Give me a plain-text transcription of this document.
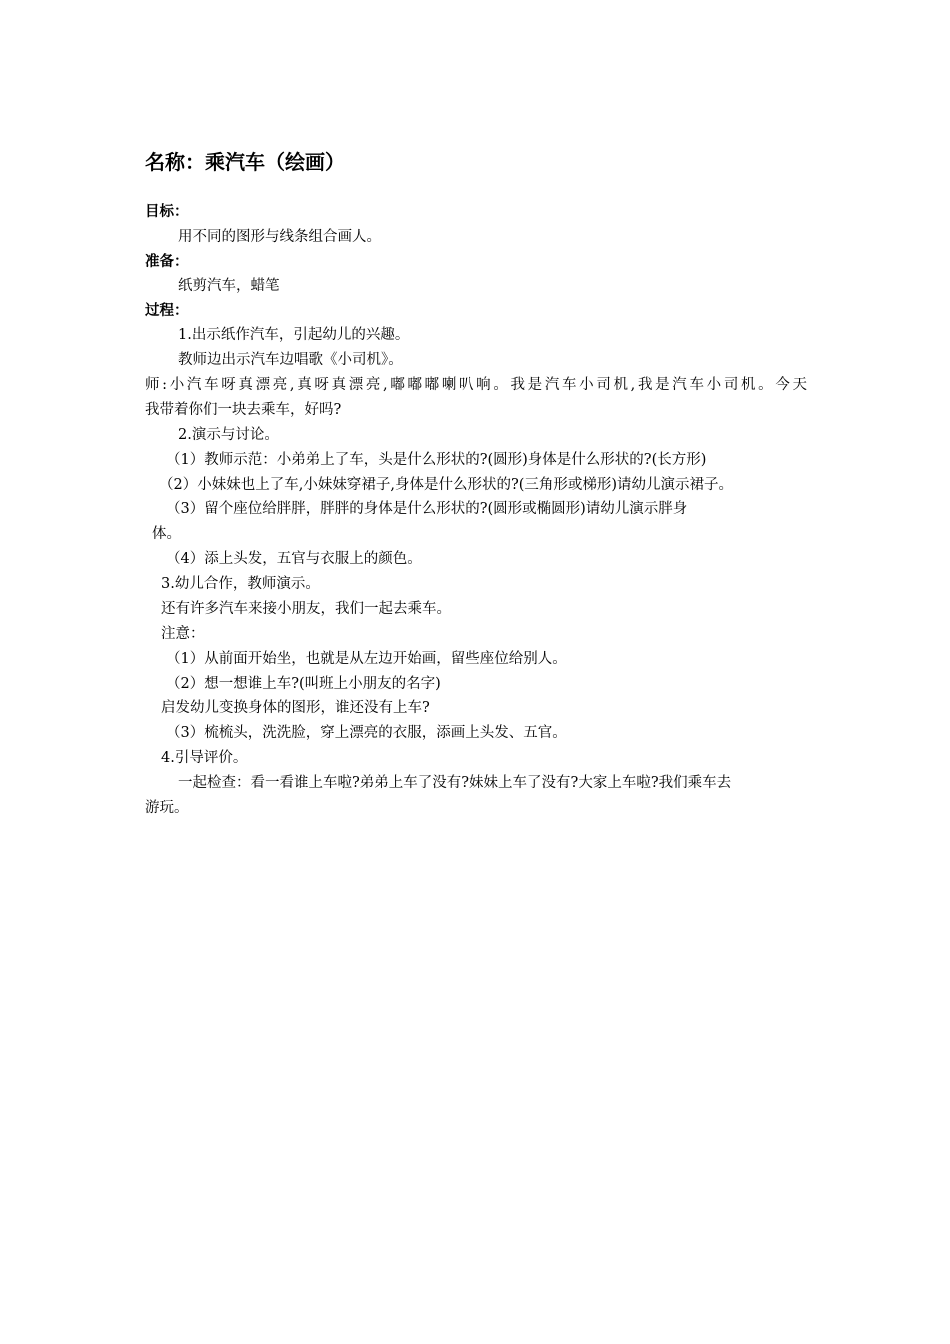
名称：乘汽车（绘画）
目标：
用不同的图形与线条组合画人。
准备：
纸剪汽车，蜡笔
过程：
1.出示纸作汽车，引起幼儿的兴趣。
教师边出示汽车边唱歌《小司机》。
师:小汽车呀真漂亮,真呀真漂亮,嘟嘟嘟喇叭响。我是汽车小司机,我是汽车小司机。今天
我带着你们一块去乘车，好吗?
2.演示与讨论。
（1）教师示范：小弟弟上了车，头是什么形状的?(圆形)身体是什么形状的?(长方形)
（2）小妹妹也上了车,小妹妹穿裙子,身体是什么形状的?(三角形或梯形)请幼儿演示裙子。
（3）留个座位给胖胖，胖胖的身体是什么形状的?(圆形或椭圆形)请幼儿演示胖身
体。
（4）添上头发，五官与衣服上的颜色。
3.幼儿合作，教师演示。
还有许多汽车来接小朋友，我们一起去乘车。
注意：
（1）从前面开始坐，也就是从左边开始画，留些座位给别人。
（2）想一想谁上车?(叫班上小朋友的名字)
启发幼儿变换身体的图形，谁还没有上车?
（3）梳梳头，洗洗脸，穿上漂亮的衣服，添画上头发、五官。
4.引导评价。
一起检查：看一看谁上车啦?弟弟上车了没有?妹妹上车了没有?大家上车啦?我们乘车去
游玩。
